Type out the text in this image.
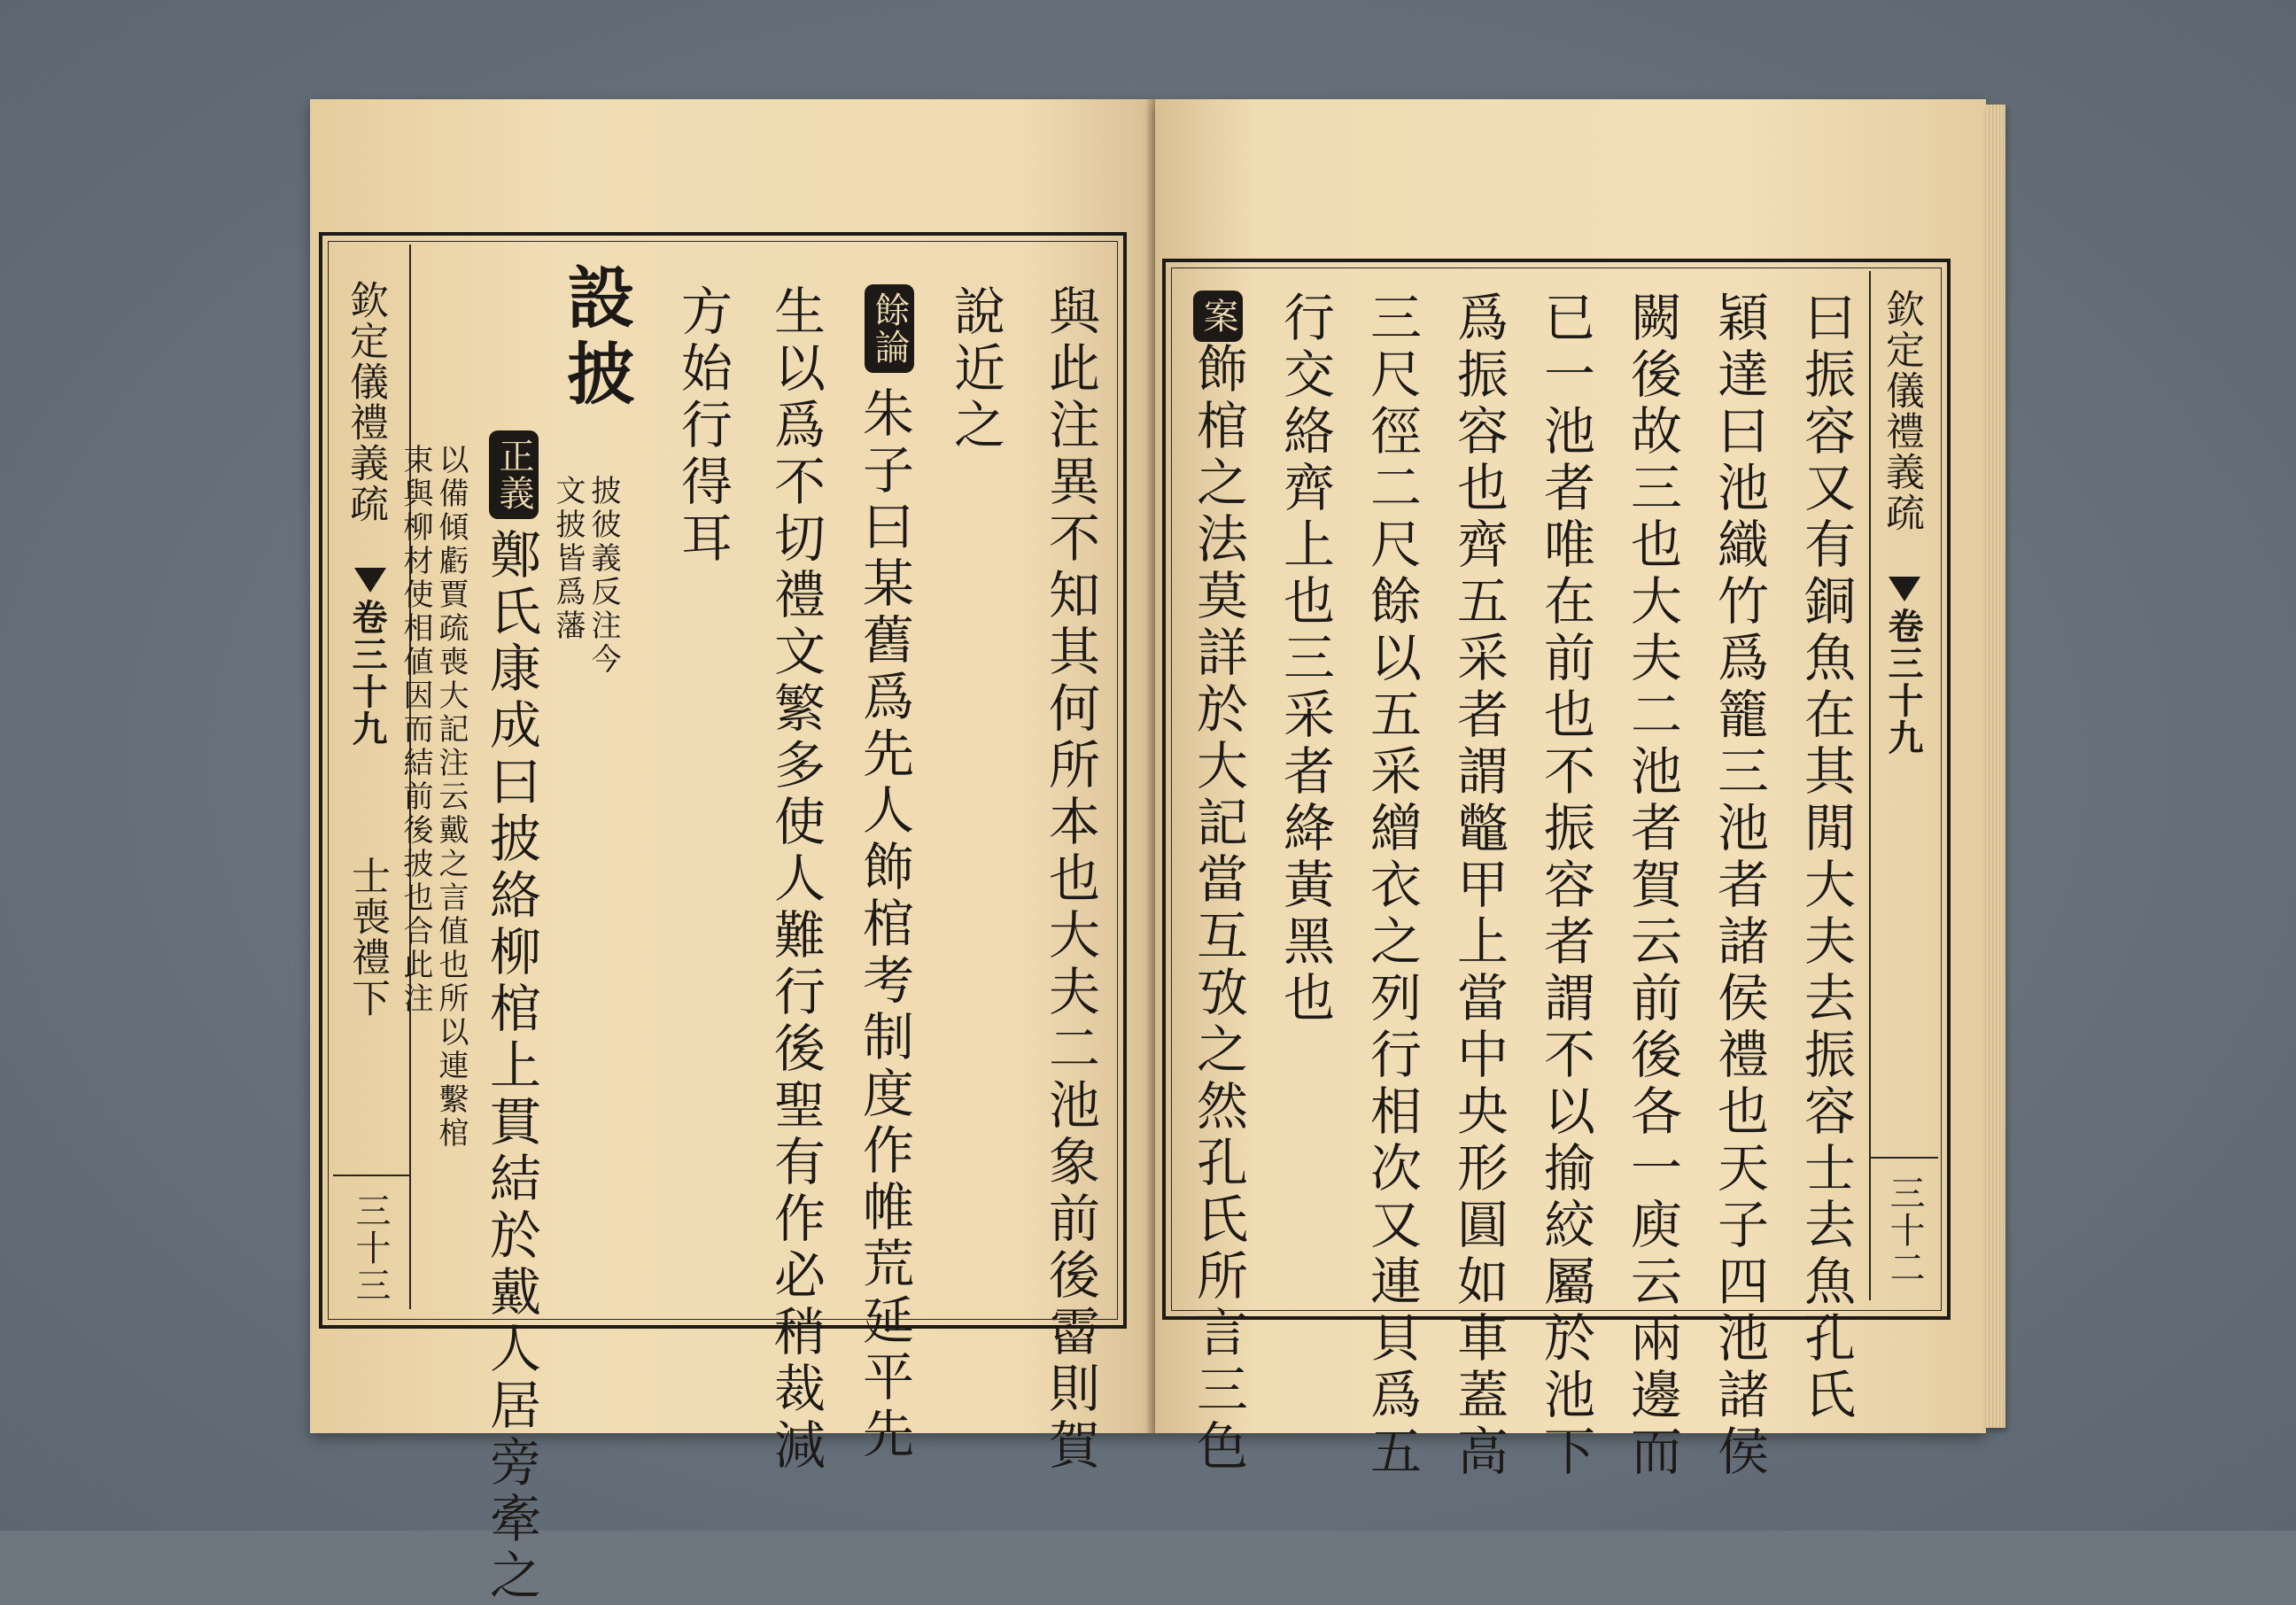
欽定儀禮義疏
卷三十九
士喪禮下
三十三
正義
以備傾虧賈疏喪大記注云戴之言值也所以連繫棺
束與柳材使相値因而結前後披也合此注 鄭氏康成曰披絡柳棺上貫結於戴人居旁牽之
設披
披彼義反注今
文披皆爲藩 方始行得耳 生以爲不切禮文繁多使人難行後聖有作必稍裁減 餘論
朱子曰某舊爲先人飾棺考制度作帷荒延平先
說近之 與此注異不知其何所本也大夫二池象前後霤則賀
　	案飾棺之法莫詳於大記當互攷之然孔氏所言三色 行交絡齊上也三采者絳黃黑也 三尺徑二尺餘以五采繒衣之列行相次又連貝爲五 爲振容也齊五采者謂鼈甲上當中央形圓如車蓋高 已一池者唯在前也不振容者謂不以揄絞屬於池下 闕後故三也大夫二池者賀云前後各一庾云兩邊而 穎達曰池織竹爲籠三池者諸侯禮也天子四池諸侯 曰振容又有銅魚在其閒大夫去振容士去魚孔氏 欽定儀禮義疏
卷三十九
三十二
